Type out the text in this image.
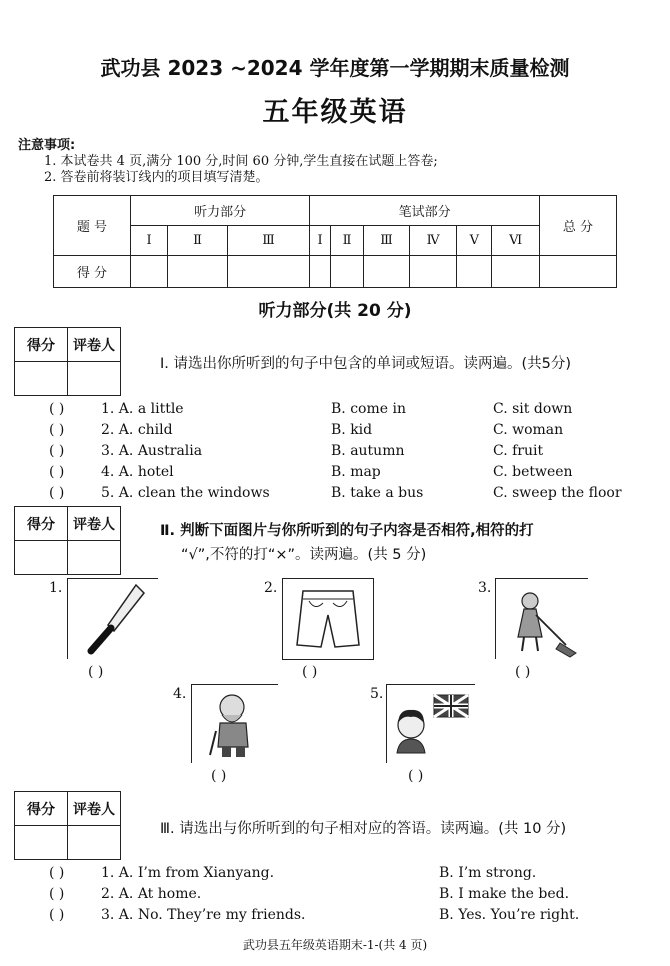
武功县 2023 ~2024 学年度第一学期期末质量检测
五年级英语
注意事项:
1. 本试卷共 4 页,满分 100 分,时间 60 分钟,学生直接在试题上答卷;
2. 答卷前将装订线内的项目填写清楚。
题 号	听力部分			笔试部分						总 分
	Ⅰ	Ⅱ	Ⅲ	Ⅰ	Ⅱ	Ⅲ	Ⅳ	Ⅴ	Ⅵ	
得 分										
听力部分(共 20 分)
得分	评卷人

Ⅰ. 请选出你所听到的句子中包含的单词或短语。读两遍。(共5分)
( )	1. A. a little	B. come in	C. sit down
( )	2. A. child	B. kid	C. woman
( )	3. A. Australia	B. autumn	C. fruit
( )	4. A. hotel	B. map	C. between
( )	5. A. clean the windows	B. take a bus	C. sweep the floor
得分	评卷人
		Ⅱ. 判断下面图片与你所听到的句子内容是否相符,相符的打
“√”,不符的打“×”。读两遍。(共 5 分)
1.
( )
2.
( )
3.
( )
4.
( )
5.
( )
得分	评卷人

Ⅲ. 请选出与你所听到的句子相对应的答语。读两遍。(共 10 分)
( )	1. A. I’m from Xianyang.	B. I’m strong.
( )	2. A. At home.	B. I make the bed.
( )	3. A. No. They’re my friends.	B. Yes. You’re right.
武功县五年级英语期末-1-(共 4 页)
